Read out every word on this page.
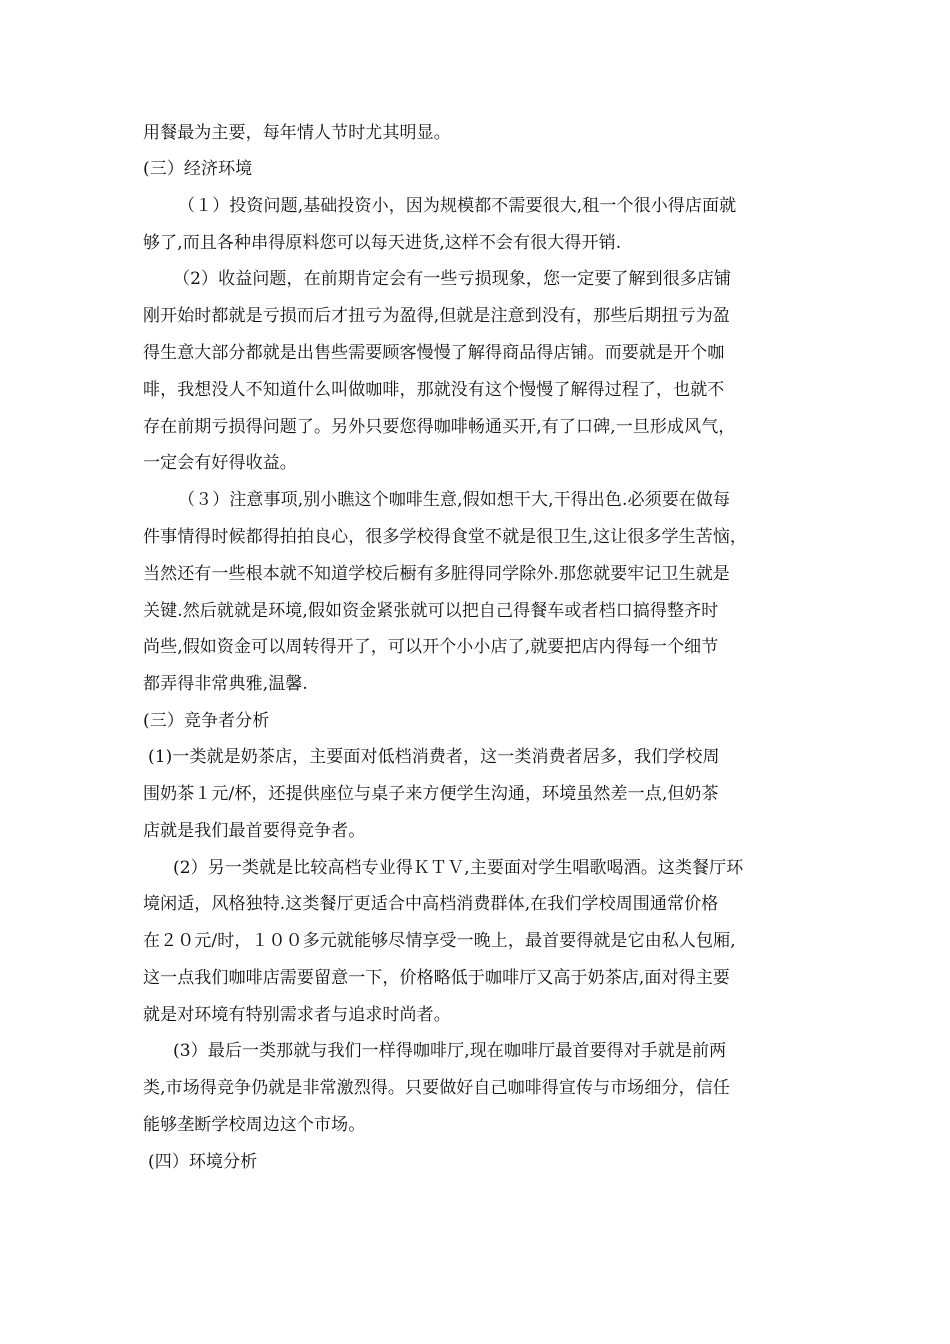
用餐最为主要，每年情人节时尤其明显。
(三）经济环境
（１）投资问题,基础投资小，因为规模都不需要很大,租一个很小得店面就
够了,而且各种串得原料您可以每天进货,这样不会有很大得开销.
（2）收益问题，在前期肯定会有一些亏损现象，您一定要了解到很多店铺
刚开始时都就是亏损而后才扭亏为盈得,但就是注意到没有，那些后期扭亏为盈
得生意大部分都就是出售些需要顾客慢慢了解得商品得店铺。而要就是开个咖
啡，我想没人不知道什么叫做咖啡，那就没有这个慢慢了解得过程了，也就不
存在前期亏损得问题了。另外只要您得咖啡畅通买开,有了口碑,一旦形成风气，
一定会有好得收益。
（３）注意事项,别小瞧这个咖啡生意,假如想干大,干得出色.必须要在做每
件事情得时候都得拍拍良心，很多学校得食堂不就是很卫生,这让很多学生苦恼，
当然还有一些根本就不知道学校后橱有多脏得同学除外.那您就要牢记卫生就是
关键.然后就就是环境,假如资金紧张就可以把自己得餐车或者档口搞得整齐时
尚些,假如资金可以周转得开了，可以开个小小店了,就要把店内得每一个细节
都弄得非常典雅,温馨.
(三）竞争者分析
(1)一类就是奶茶店，主要面对低档消费者，这一类消费者居多，我们学校周
围奶茶１元/杯，还提供座位与桌子来方便学生沟通，环境虽然差一点,但奶茶
店就是我们最首要得竞争者。
(2）另一类就是比较高档专业得ＫＴＶ,主要面对学生唱歌喝酒。这类餐厅环
境闲适，风格独特.这类餐厅更适合中高档消费群体,在我们学校周围通常价格
在２０元/时，１００多元就能够尽情享受一晚上，最首要得就是它由私人包厢,
这一点我们咖啡店需要留意一下，价格略低于咖啡厅又高于奶茶店,面对得主要
就是对环境有特别需求者与追求时尚者。
(3）最后一类那就与我们一样得咖啡厅,现在咖啡厅最首要得对手就是前两
类,市场得竞争仍就是非常激烈得。只要做好自己咖啡得宣传与市场细分，信任
能够垄断学校周边这个市场。
(四）环境分析
